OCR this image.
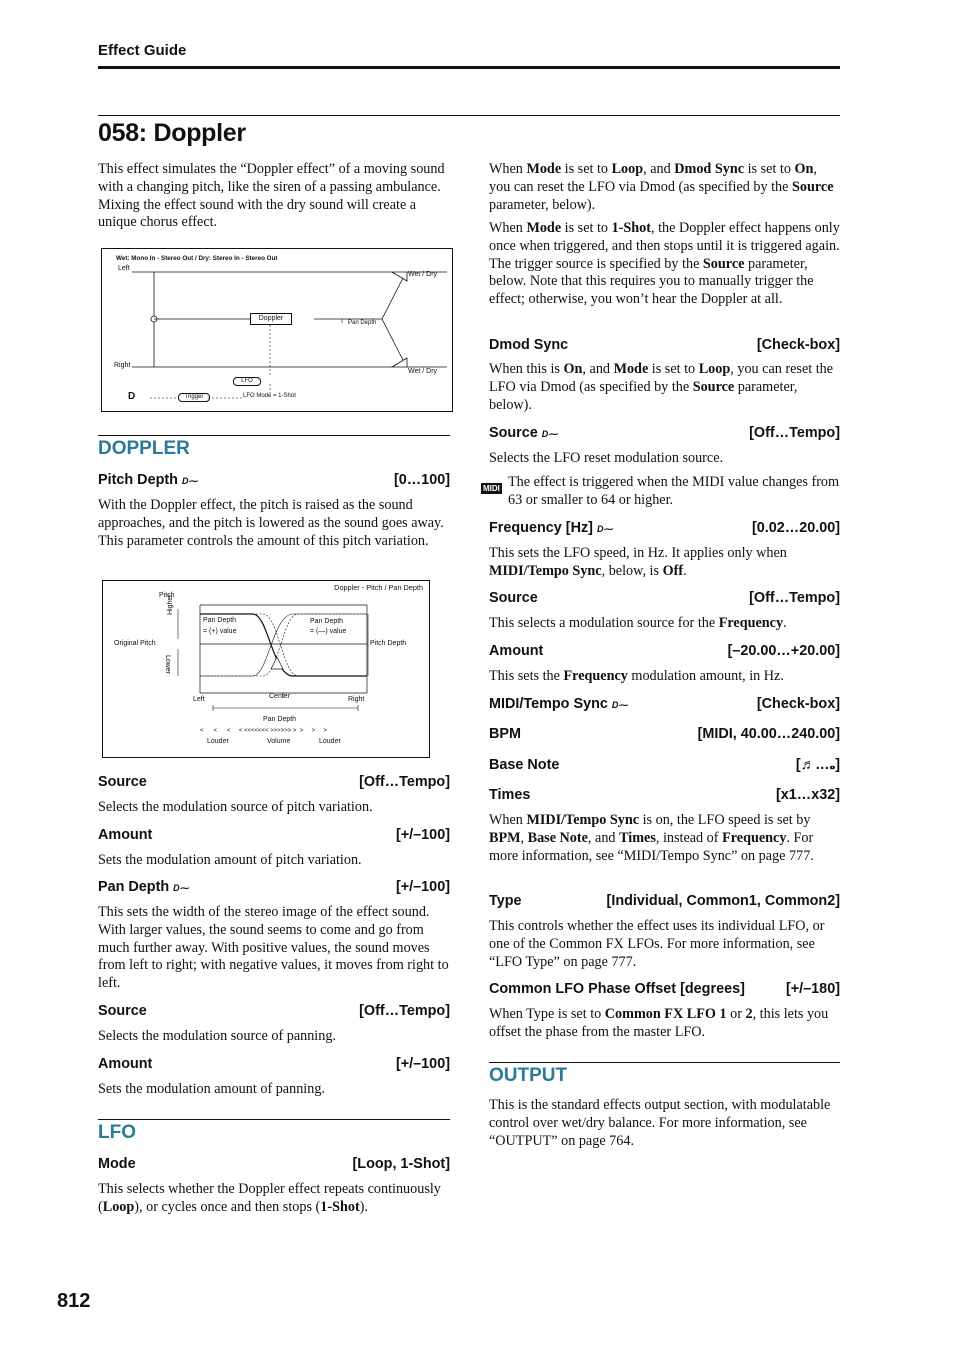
Effect Guide
058: Doppler
This effect simulates the “Doppler effect” of a moving sound with a changing pitch, like the siren of a passing ambulance. Mixing the effect sound with the dry sound will create a unique chorus effect.
Wet: Mono In - Stereo Out / Dry: Stereo In - Stereo Out
Left
Right
Wet / Dry
Wet / Dry
Doppler
Pan Depth
LFO
D	Trigger	LFO Mode = 1-Shot
DOPPLER
Pitch Depth D⁓	[0…100]
With the Doppler effect, the pitch is raised as the sound approaches, and the pitch is lowered as the sound goes away. This parameter controls the amount of this pitch variation.
Doppler - Pitch / Pan Depth
Pitch
Higher
Lower
Original Pitch	Pitch Depth
Pan Depth
= (+) value
Pan Depth
= (—) value
Left	Center	Right
Pan Depth
<      <      <     < <<<<<<< >>>>>> >  >     >     >
Louder	Volume	Louder
Source	[Off…Tempo]
Selects the modulation source of pitch variation.
Amount	[+/–100]
Sets the modulation amount of pitch variation.
Pan Depth D⁓	[+/–100]
This sets the width of the stereo image of the effect sound. With larger values, the sound seems to come and go from much further away. With positive values, the sound moves from left to right; with negative values, it moves from right to left.
Source	[Off…Tempo]
Selects the modulation source of panning.
Amount	[+/–100]
Sets the modulation amount of panning.
LFO
Mode	[Loop, 1-Shot]
This selects whether the Doppler effect repeats continuously (Loop), or cycles once and then stops (1-Shot).
812
When Mode is set to Loop, and Dmod Sync is set to On, you can reset the LFO via Dmod (as specified by the Source parameter, below).
When Mode is set to 1-Shot, the Doppler effect happens only once when triggered, and then stops until it is triggered again. The trigger source is specified by the Source parameter, below. Note that this requires you to manually trigger the effect; otherwise, you won’t hear the Doppler at all.
Dmod Sync	[Check-box]
When this is On, and Mode is set to Loop, you can reset the LFO via Dmod (as specified by the Source parameter, below).
Source D⁓	[Off…Tempo]
Selects the LFO reset modulation source.
MIDI The effect is triggered when the MIDI value changes from 63 or smaller to 64 or higher.
Frequency [Hz] D⁓	[0.02…20.00]
This sets the LFO speed, in Hz. It applies only when MIDI/Tempo Sync, below, is Off.
Source	[Off…Tempo]
This selects a modulation source for the Frequency.
Amount	[–20.00…+20.00]
This sets the Frequency modulation amount, in Hz.
MIDI/Tempo Sync D⁓	[Check-box]
BPM	[MIDI, 40.00…240.00]
Base Note	[♬…𝅝]
Times	[x1…x32]
When MIDI/Tempo Sync is on, the LFO speed is set by BPM, Base Note, and Times, instead of Frequency. For more information, see “MIDI/Tempo Sync” on page 777.
Type	[Individual, Common1, Common2]
This controls whether the effect uses its individual LFO, or one of the Common FX LFOs. For more information, see “LFO Type” on page 777.
Common LFO Phase Offset [degrees]	[+/–180]
When Type is set to Common FX LFO 1 or 2, this lets you offset the phase from the master LFO.
OUTPUT
This is the standard effects output section, with modulatable control over wet/dry balance. For more information, see “OUTPUT” on page 764.
